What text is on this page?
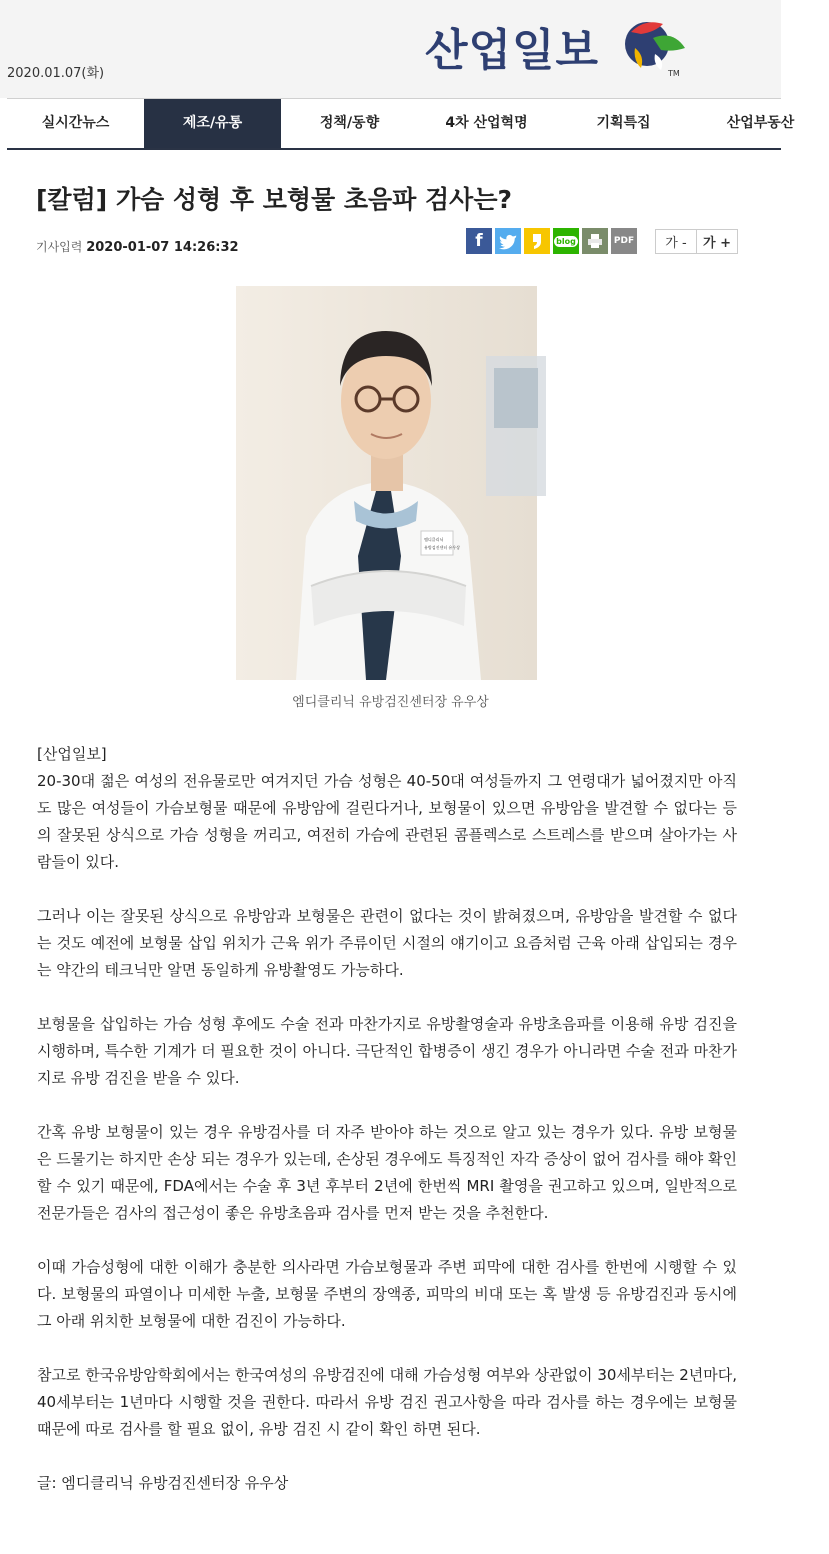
2020.01.07(화)	산업일보	TM
실시간뉴스	제조/유통	정책/동향	4차 산업혁명	기획특집	산업부동산
[칼럼] 가슴 성형 후 보형물 초음파 검사는?
기사입력 2020-01-07 14:26:32	f	blog	PDF	가 -	가 +
엠디클리닉
유방검진센터 유우상
엠디클리닉 유방검진센터장 유우상

[산업일보]
20-30대 젊은 여성의 전유물로만 여겨지던 가슴 성형은 40-50대 여성들까지 그 연령대가 넓어졌지만 아직도 많은 여성들이 가슴보형물 때문에 유방암에 걸린다거나, 보형물이 있으면 유방암을 발견할 수 없다는 등의 잘못된 상식으로 가슴 성형을 꺼리고, 여전히 가슴에 관련된 콤플렉스로 스트레스를 받으며 살아가는 사람들이 있다.

그러나 이는 잘못된 상식으로 유방암과 보형물은 관련이 없다는 것이 밝혀졌으며, 유방암을 발견할 수 없다는 것도 예전에 보형물 삽입 위치가 근육 위가 주류이던 시절의 얘기이고 요즘처럼 근육 아래 삽입되는 경우는 약간의 테크닉만 알면 동일하게 유방촬영도 가능하다.

보형물을 삽입하는 가슴 성형 후에도 수술 전과 마찬가지로 유방촬영술과 유방초음파를 이용해 유방 검진을 시행하며, 특수한 기계가 더 필요한 것이 아니다. 극단적인 합병증이 생긴 경우가 아니라면 수술 전과 마찬가지로 유방 검진을 받을 수 있다.

간혹 유방 보형물이 있는 경우 유방검사를 더 자주 받아야 하는 것으로 알고 있는 경우가 있다. 유방 보형물은 드물기는 하지만 손상 되는 경우가 있는데, 손상된 경우에도 특징적인 자각 증상이 없어 검사를 해야 확인 할 수 있기 때문에, FDA에서는 수술 후 3년 후부터 2년에 한번씩 MRI 촬영을 권고하고 있으며, 일반적으로 전문가들은 검사의 접근성이 좋은 유방초음파 검사를 먼저 받는 것을 추천한다.

이때 가슴성형에 대한 이해가 충분한 의사라면 가슴보형물과 주변 피막에 대한 검사를 한번에 시행할 수 있다. 보형물의 파열이나 미세한 누출, 보형물 주변의 장액종, 피막의 비대 또는 혹 발생 등 유방검진과 동시에 그 아래 위치한 보형물에 대한 검진이 가능하다.

참고로 한국유방암학회에서는 한국여성의 유방검진에 대해 가슴성형 여부와 상관없이 30세부터는 2년마다, 40세부터는 1년마다 시행할 것을 권한다. 따라서 유방 검진 권고사항을 따라 검사를 하는 경우에는 보형물 때문에 따로 검사를 할 필요 없이, 유방 검진 시 같이 확인 하면 된다.

글: 엠디클리닉 유방검진센터장 유우상
